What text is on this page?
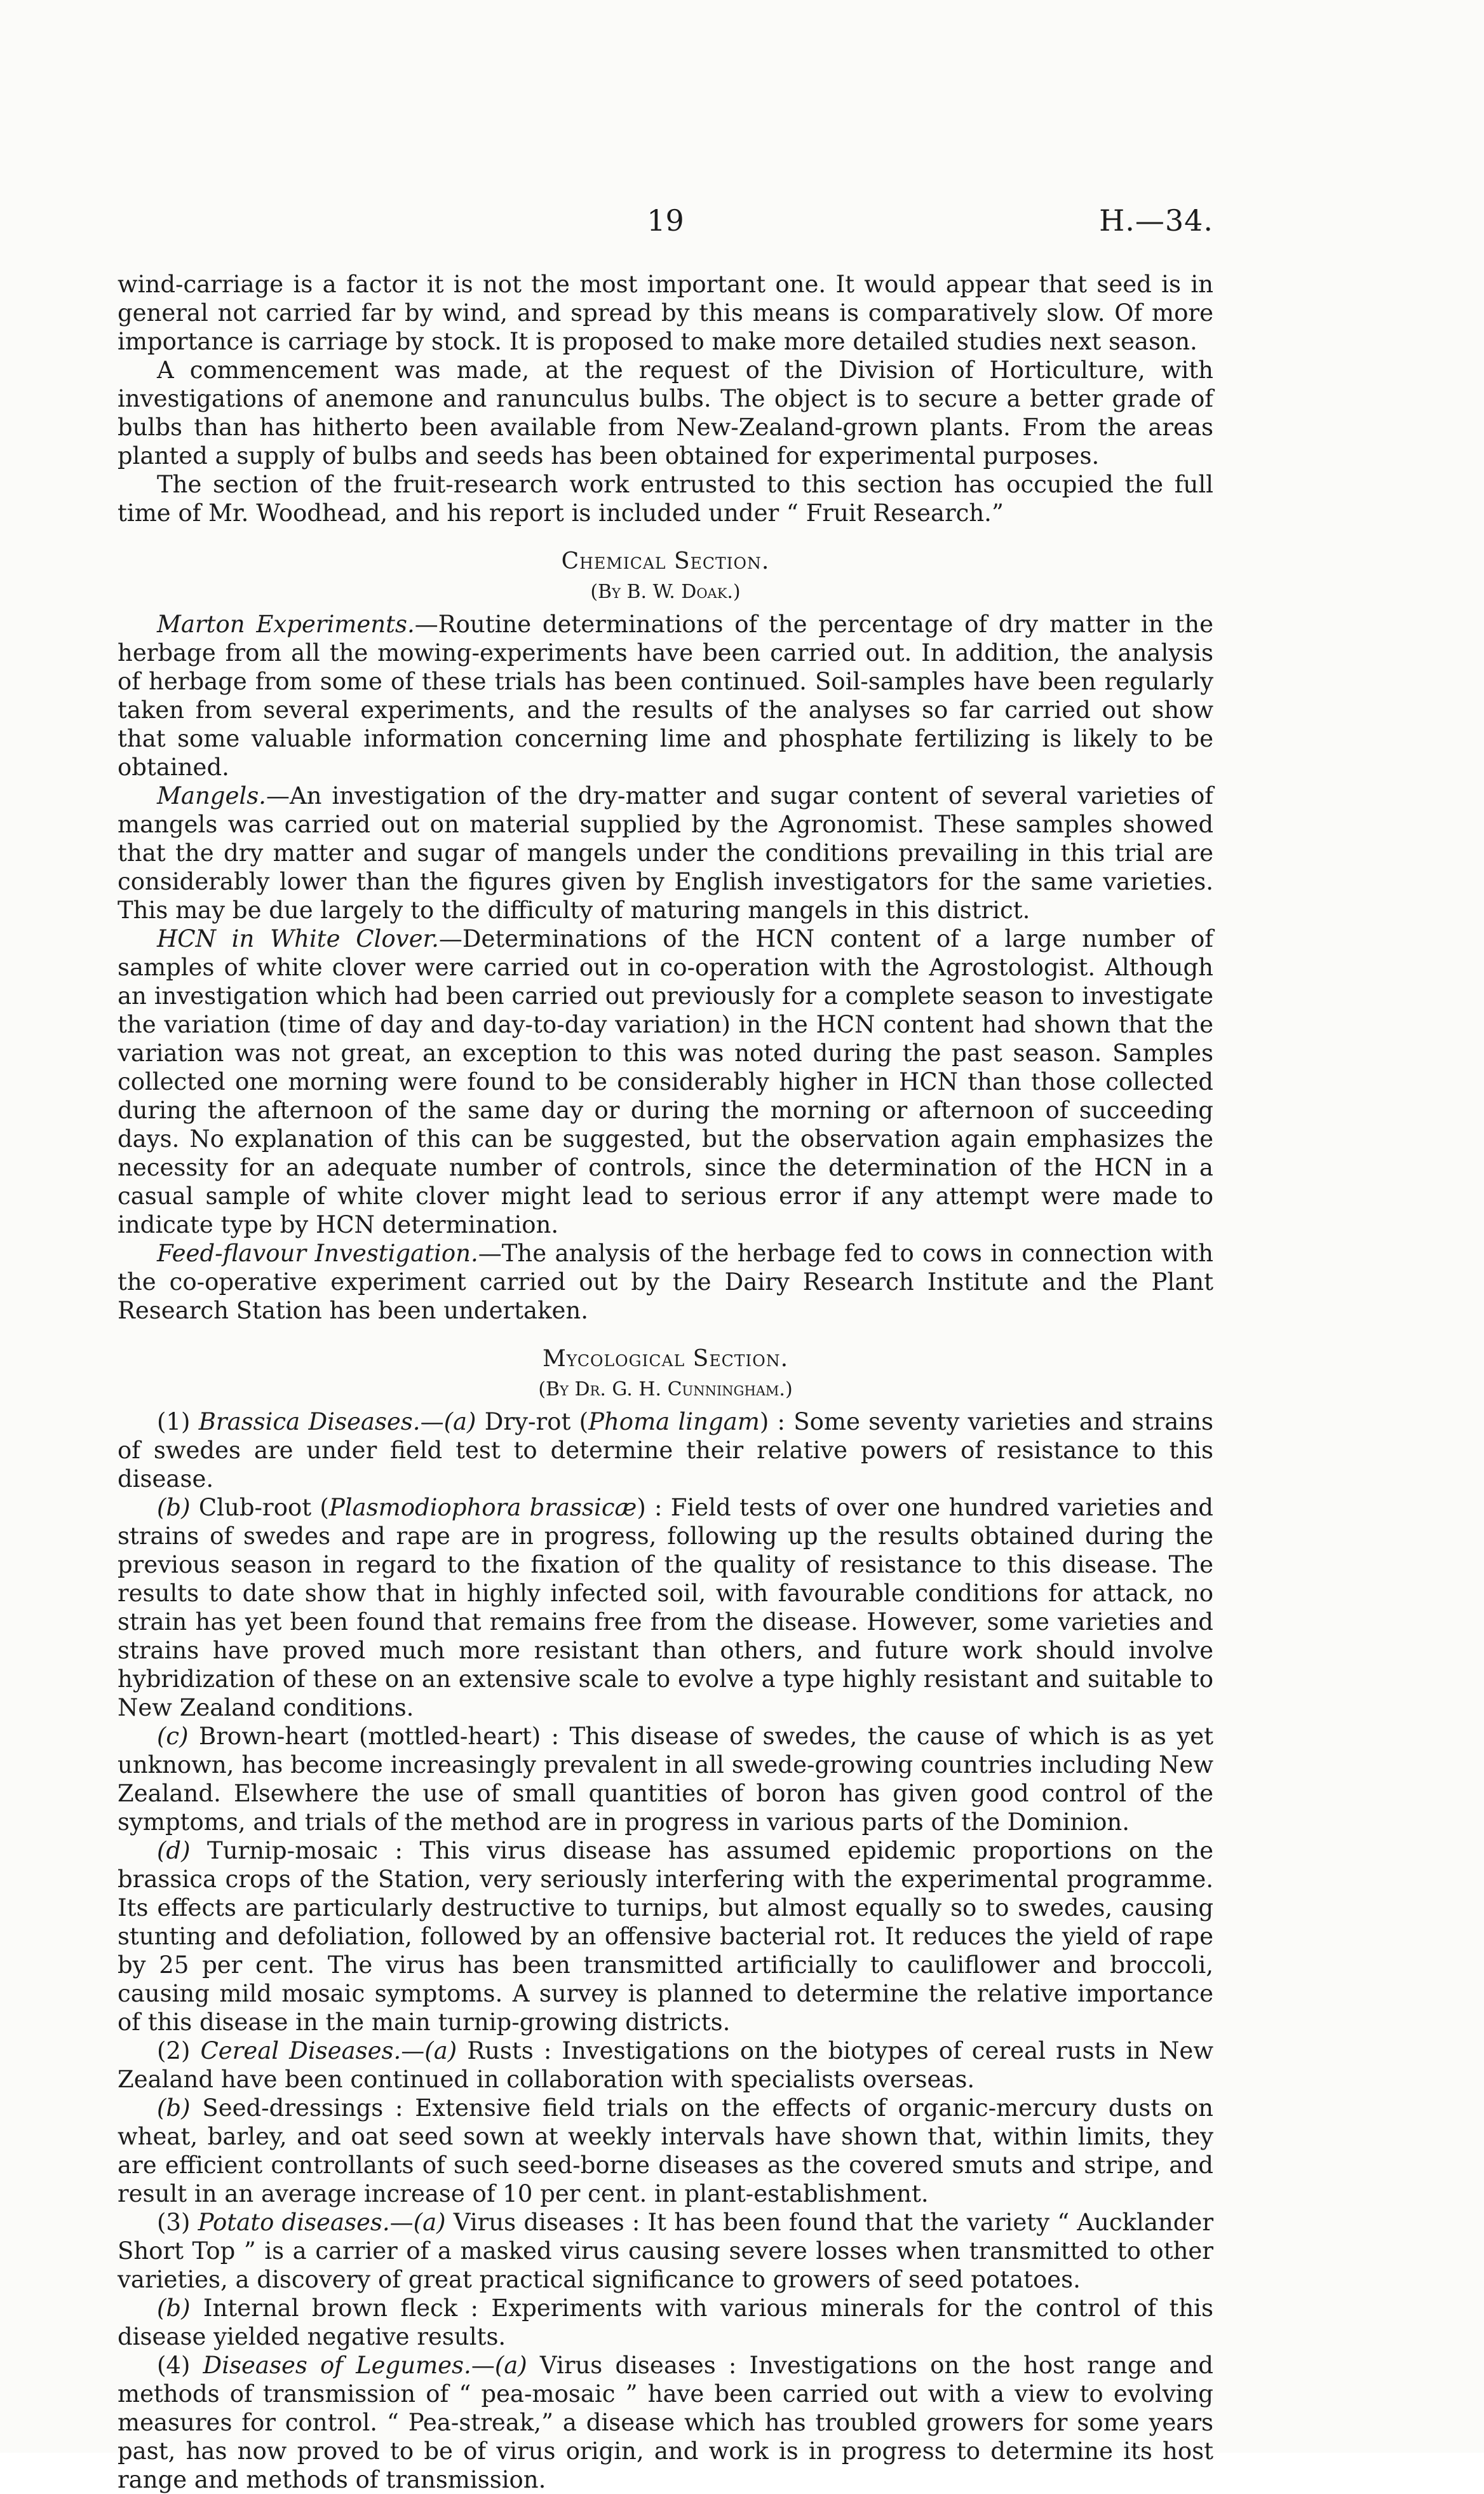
19	H.—34.

wind-carriage is a factor it is not the most important one. It would appear that seed is in general not carried far by wind, and spread by this means is comparatively slow. Of more importance is carriage by stock. It is proposed to make more detailed studies next season.

A commencement was made, at the request of the Division of Horticulture, with investigations of anemone and ranunculus bulbs. The object is to secure a better grade of bulbs than has hitherto been available from New-Zealand-grown plants. From the areas planted a supply of bulbs and seeds has been obtained for experimental purposes.

The section of the fruit-research work entrusted to this section has occupied the full time of Mr. Woodhead, and his report is included under “ Fruit Research.”

Chemical Section.
(By B. W. Doak.)

Marton Experiments.—Routine determinations of the percentage of dry matter in the herbage from all the mowing-experiments have been carried out. In addition, the analysis of herbage from some of these trials has been continued. Soil-samples have been regularly taken from several experiments, and the results of the analyses so far carried out show that some valuable information concerning lime and phosphate fertilizing is likely to be obtained.

Mangels.—An investigation of the dry-matter and sugar content of several varieties of mangels was carried out on material supplied by the Agronomist. These samples showed that the dry matter and sugar of mangels under the conditions prevailing in this trial are considerably lower than the figures given by English investigators for the same varieties. This may be due largely to the difficulty of maturing mangels in this district.

HCN in White Clover.—Determinations of the HCN content of a large number of samples of white clover were carried out in co-operation with the Agrostologist. Although an investigation which had been carried out previously for a complete season to investigate the variation (time of day and day-to-day variation) in the HCN content had shown that the variation was not great, an exception to this was noted during the past season. Samples collected one morning were found to be considerably higher in HCN than those collected during the afternoon of the same day or during the morning or afternoon of succeeding days. No explanation of this can be suggested, but the observation again emphasizes the necessity for an adequate number of controls, since the determination of the HCN in a casual sample of white clover might lead to serious error if any attempt were made to indicate type by HCN determination.

Feed-flavour Investigation.—The analysis of the herbage fed to cows in connection with the co-operative experiment carried out by the Dairy Research Institute and the Plant Research Station has been undertaken.

Mycological Section.
(By Dr. G. H. Cunningham.)

(1) Brassica Diseases.—(a) Dry-rot (Phoma lingam) : Some seventy varieties and strains of swedes are under field test to determine their relative powers of resistance to this disease.

(b) Club-root (Plasmodiophora brassicæ) : Field tests of over one hundred varieties and strains of swedes and rape are in progress, following up the results obtained during the previous season in regard to the fixation of the quality of resistance to this disease. The results to date show that in highly infected soil, with favourable conditions for attack, no strain has yet been found that remains free from the disease. However, some varieties and strains have proved much more resistant than others, and future work should involve hybridization of these on an extensive scale to evolve a type highly resistant and suitable to New Zealand conditions.

(c) Brown-heart (mottled-heart) : This disease of swedes, the cause of which is as yet unknown, has become increasingly prevalent in all swede-growing countries including New Zealand. Elsewhere the use of small quantities of boron has given good control of the symptoms, and trials of the method are in progress in various parts of the Dominion.

(d) Turnip-mosaic : This virus disease has assumed epidemic proportions on the brassica crops of the Station, very seriously interfering with the experimental programme. Its effects are particularly destructive to turnips, but almost equally so to swedes, causing stunting and defoliation, followed by an offensive bacterial rot. It reduces the yield of rape by 25 per cent. The virus has been transmitted artificially to cauliflower and broccoli, causing mild mosaic symptoms. A survey is planned to determine the relative importance of this disease in the main turnip-growing districts.

(2) Cereal Diseases.—(a) Rusts : Investigations on the biotypes of cereal rusts in New Zealand have been continued in collaboration with specialists overseas.

(b) Seed-dressings : Extensive field trials on the effects of organic-mercury dusts on wheat, barley, and oat seed sown at weekly intervals have shown that, within limits, they are efficient controllants of such seed-borne diseases as the covered smuts and stripe, and result in an average increase of 10 per cent. in plant-establishment.

(3) Potato diseases.—(a) Virus diseases : It has been found that the variety “ Aucklander Short Top ” is a carrier of a masked virus causing severe losses when transmitted to other varieties, a discovery of great practical significance to growers of seed potatoes.

(b) Internal brown fleck : Experiments with various minerals for the control of this disease yielded negative results.

(4) Diseases of Legumes.—(a) Virus diseases : Investigations on the host range and methods of transmission of “ pea-mosaic ” have been carried out with a view to evolving measures for control. “ Pea-streak,” a disease which has troubled growers for some years past, has now proved to be of virus origin, and work is in progress to determine its host range and methods of transmission.
